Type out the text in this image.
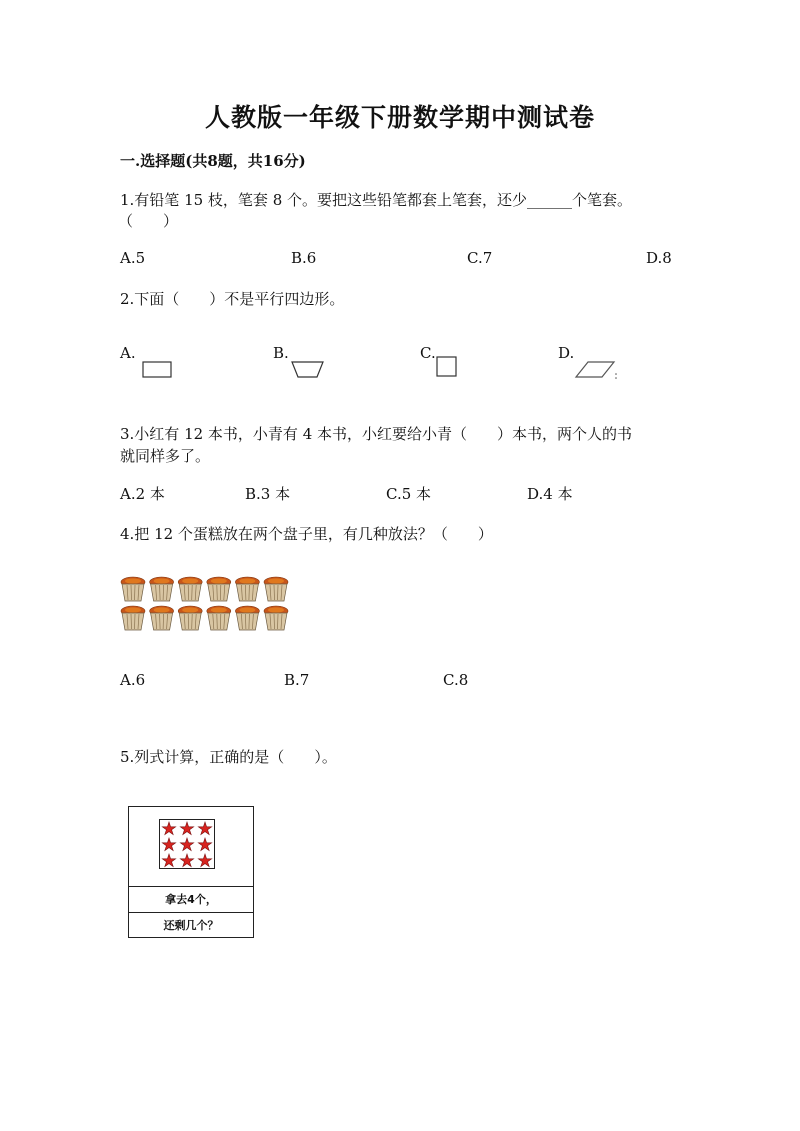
人教版一年级下册数学期中测试卷
一.选择题(共8题，共16分)
1.有铅笔 15 枝，笔套 8 个。要把这些铅笔都套上笔套，还少______个笔套。
（　　）
A.5	B.6	C.7	D.8
2.下面（　　）不是平行四边形。
A.	B.	C.	D.
3.小红有 12 本书，小青有 4 本书，小红要给小青（　　）本书，两个人的书
就同样多了。
A.2 本	B.3 本	C.5 本	D.4 本
4.把 12 个蛋糕放在两个盘子里，有几种放法？（　　）
A.6	B.7	C.8
5.列式计算，正确的是（　　）。
拿去4个，
还剩几个？
